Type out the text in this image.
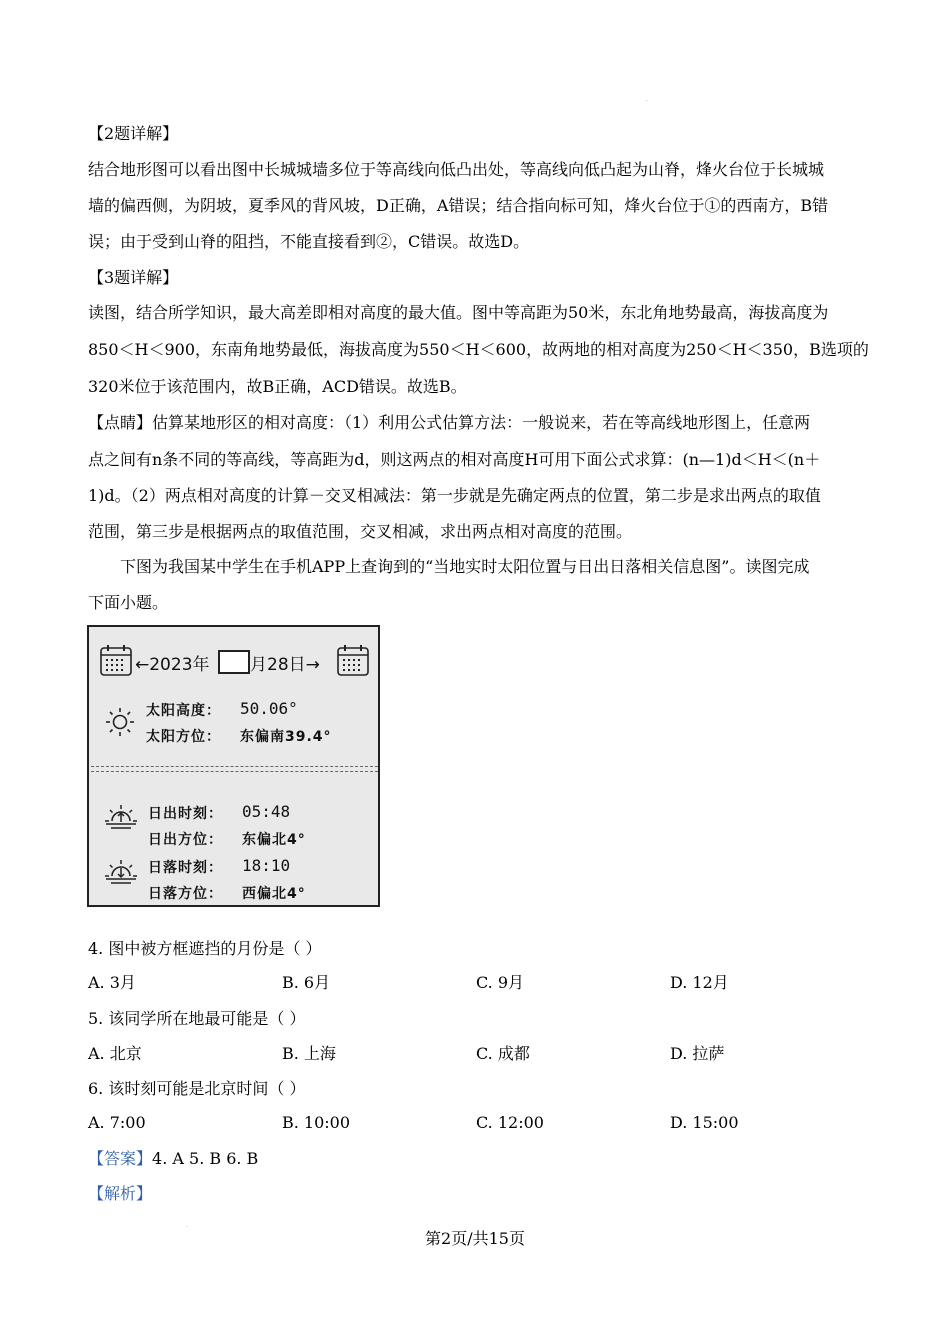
.
【2题详解】
结合地形图可以看出图中长城城墙多位于等高线向低凸出处，等高线向低凸起为山脊，烽火台位于长城城
墙的偏西侧，为阴坡，夏季风的背风坡，D正确，A错误；结合指向标可知，烽火台位于①的西南方，B错
误；由于受到山脊的阻挡，不能直接看到②，C错误。故选D。
【3题详解】
读图，结合所学知识，最大高差即相对高度的最大值。图中等高距为50米，东北角地势最高，海拔高度为
850＜H＜900，东南角地势最低，海拔高度为550＜H＜600，故两地的相对高度为250＜H＜350，B选项的
320米位于该范围内，故B正确，ACD错误。故选B。
【点睛】估算某地形区的相对高度：（1）利用公式估算方法：一般说来，若在等高线地形图上，任意两
点之间有n条不同的等高线，等高距为d，则这两点的相对高度H可用下面公式求算：(n—1)d＜H＜(n＋
1)d。（2）两点相对高度的计算－交叉相减法：第一步就是先确定两点的位置，第二步是求出两点的取值
范围，第三步是根据两点的取值范围，交叉相减，求出两点相对高度的范围。
下图为我国某中学生在手机APP上查询到的“当地实时太阳位置与日出日落相关信息图”。读图完成
下面小题。
←2023年 月28日→
太阳高度： 50.06°
太阳方位： 东偏南39.4°
日出时刻： 05:48
日出方位： 东偏北4°
日落时刻： 18:10
日落方位： 西偏北4°
4. 图中被方框遮挡的月份是（ ）
A. 3月	B. 6月	C. 9月	D. 12月
5. 该同学所在地最可能是（ ）
A. 北京	B. 上海	C. 成都	D. 拉萨
6. 该时刻可能是北京时间（ ）
A. 7:00	B. 10:00	C. 12:00	D. 15:00
【答案】4. A 5. B 6. B
【解析】
.
第2页/共15页
